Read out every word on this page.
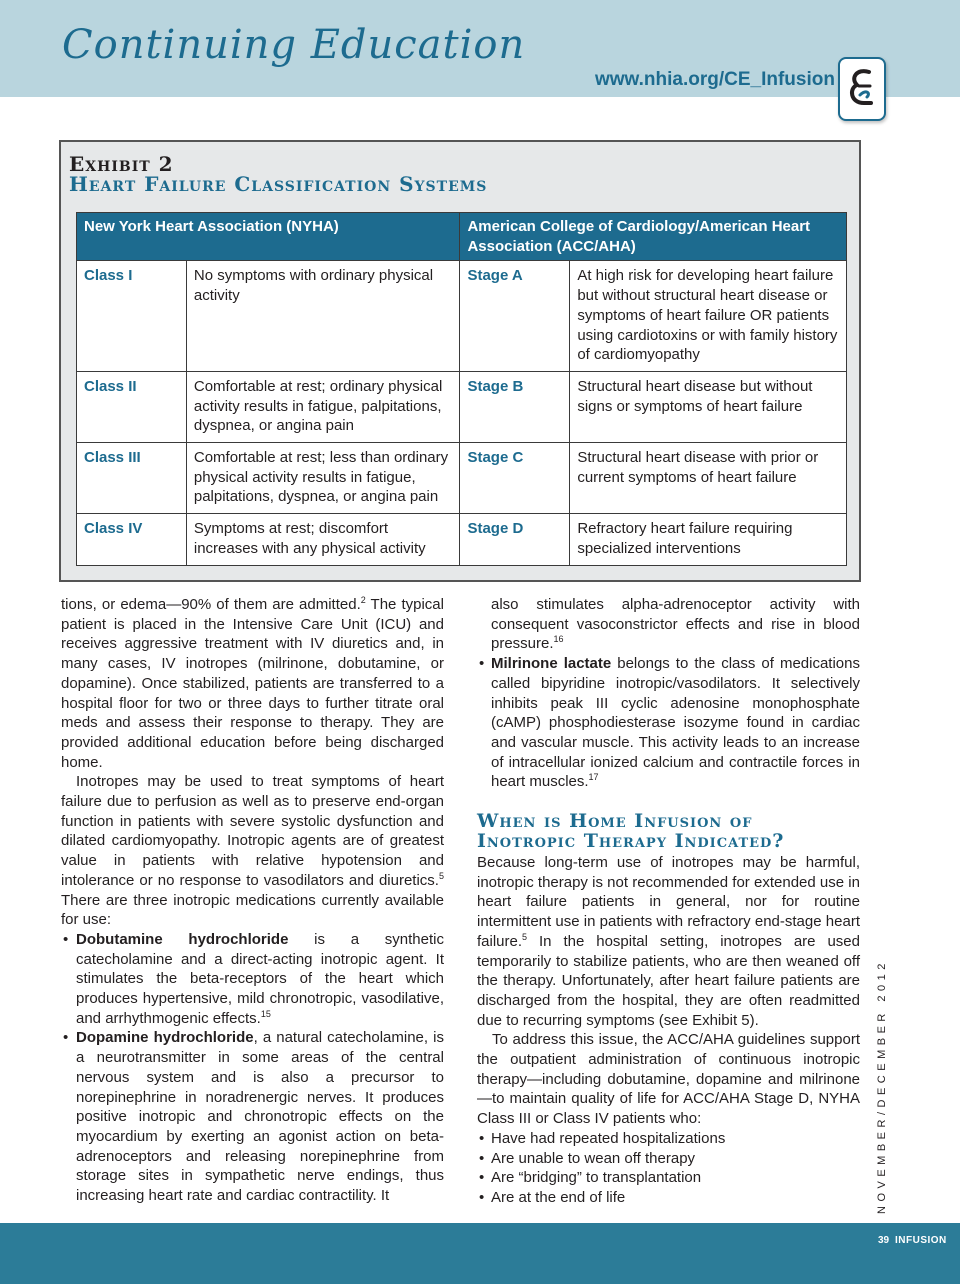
Continuing Education
www.nhia.org/CE_Infusion
Exhibit 2
Heart Failure Classification Systems
New York Heart Association (NYHA)		American College of Cardiology/American Heart Association (ACC/AHA)	
Class I	No symptoms with ordinary physical activity	Stage A	At high risk for developing heart failure but without structural heart disease or symptoms of heart failure OR patients using cardiotoxins or with family history of cardiomyopathy
Class II	Comfortable at rest; ordinary physical activity results in fatigue, palpitations, dyspnea, or angina pain	Stage B	Structural heart disease but without signs or symptoms of heart failure
Class III	Comfortable at rest; less than ordinary physical activity results in fatigue, palpitations, dyspnea, or angina pain	Stage C	Structural heart disease with prior or current symptoms of heart failure
Class IV	Symptoms at rest; discomfort increases with any physical activity	Stage D	Refractory heart failure requiring specialized interventions

tions, or edema—90% of them are admitted.$^2$ The typical patient is placed in the Intensive Care Unit (ICU) and receives aggressive treatment with IV diuretics and, in many cases, IV inotropes (milrinone, dobutamine, or dopamine). Once stabilized, patients are transferred to a hospital floor for two or three days to further titrate oral meds and assess their response to therapy. They are provided additional education before being discharged home.

Inotropes may be used to treat symptoms of heart failure due to perfusion as well as to preserve end-organ function in patients with severe systolic dysfunction and dilated cardiomyopathy. Inotropic agents are of greatest value in patients with relative hypotension and intolerance or no response to vasodilators and diuretics.$^5$ There are three inotropic medications currently available for use:

• Dobutamine hydrochloride is a synthetic catecholamine and a direct-acting inotropic agent. It stimulates the beta-receptors of the heart which produces hypertensive, mild chronotropic, vasodilative, and arrhythmogenic effects.$^{15}$
• Dopamine hydrochloride, a natural catecholamine, is a neurotransmitter in some areas of the central nervous system and is also a precursor to norepinephrine in noradrenergic nerves. It produces positive inotropic and chronotropic effects on the myocardium by exerting an agonist action on beta-adrenoceptors and releasing norepinephrine from storage sites in sympathetic nerve endings, thus increasing heart rate and cardiac contractility. It
also stimulates alpha-adrenoceptor activity with consequent vasoconstrictor effects and rise in blood pressure.$^{16}$
• Milrinone lactate belongs to the class of medications called bipyridine inotropic/vasodilators. It selectively inhibits peak III cyclic adenosine monophosphate (cAMP) phosphodiesterase isozyme found in cardiac and vascular muscle. This activity leads to an increase of intracellular ionized calcium and contractile forces in heart muscles.$^{17}$
When is Home Infusion of
Inotropic Therapy Indicated?

Because long-term use of inotropes may be harmful, inotropic therapy is not recommended for extended use in heart failure patients in general, nor for routine intermittent use in patients with refractory end-stage heart failure.$^5$ In the hospital setting, inotropes are used temporarily to stabilize patients, who are then weaned off the therapy. Unfortunately, after heart failure patients are discharged from the hospital, they are often readmitted due to recurring symptoms (see Exhibit 5).

To address this issue, the ACC/AHA guidelines support the outpatient administration of continuous inotropic therapy—including dobutamine, dopamine and milrinone—to maintain quality of life for ACC/AHA Stage D, NYHA Class III or Class IV patients who:

• Have had repeated hospitalizations
• Are unable to wean off therapy
• Are “bridging” to transplantation
• Are at the end of life	NOVEMBER/DECEMBER 2012
39 INFUSION
